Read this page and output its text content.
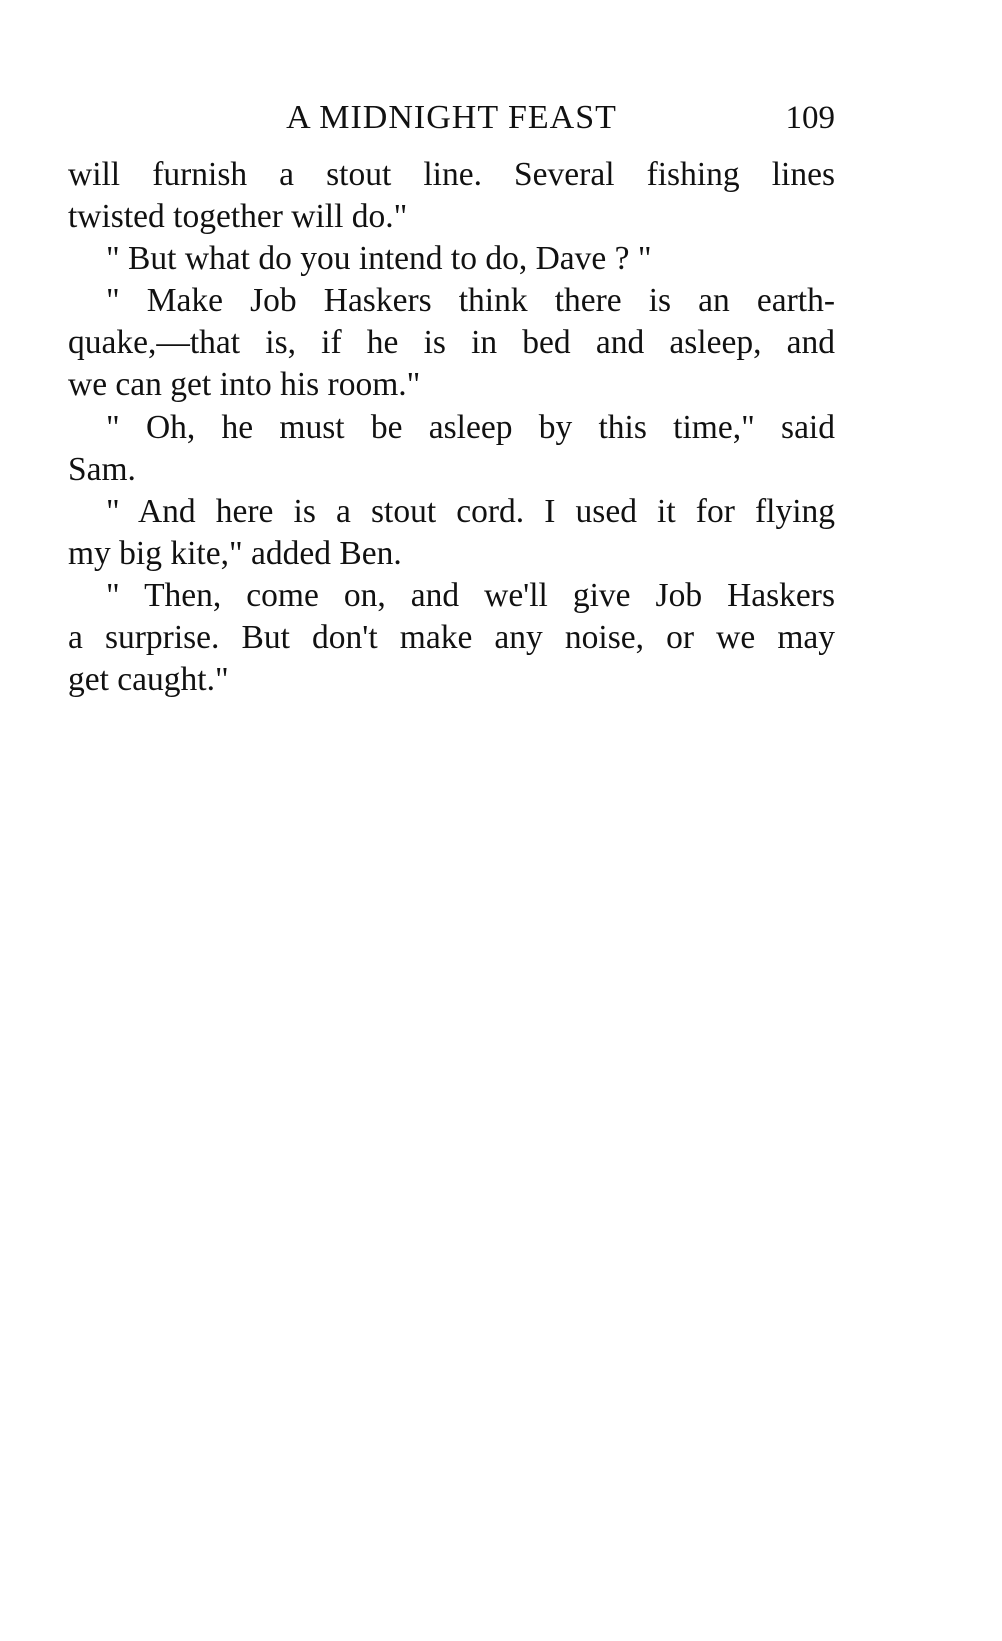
A MIDNIGHT FEAST	109
will furnish a stout line. Several fishing lines
twisted together will do."
" But what do you intend to do, Dave ? "
" Make Job Haskers think there is an earth-
quake,—that is, if he is in bed and asleep, and
we can get into his room."
" Oh, he must be asleep by this time," said
Sam.
" And here is a stout cord. I used it for flying
my big kite," added Ben.
" Then, come on, and we'll give Job Haskers
a surprise. But don't make any noise, or we may
get caught."
